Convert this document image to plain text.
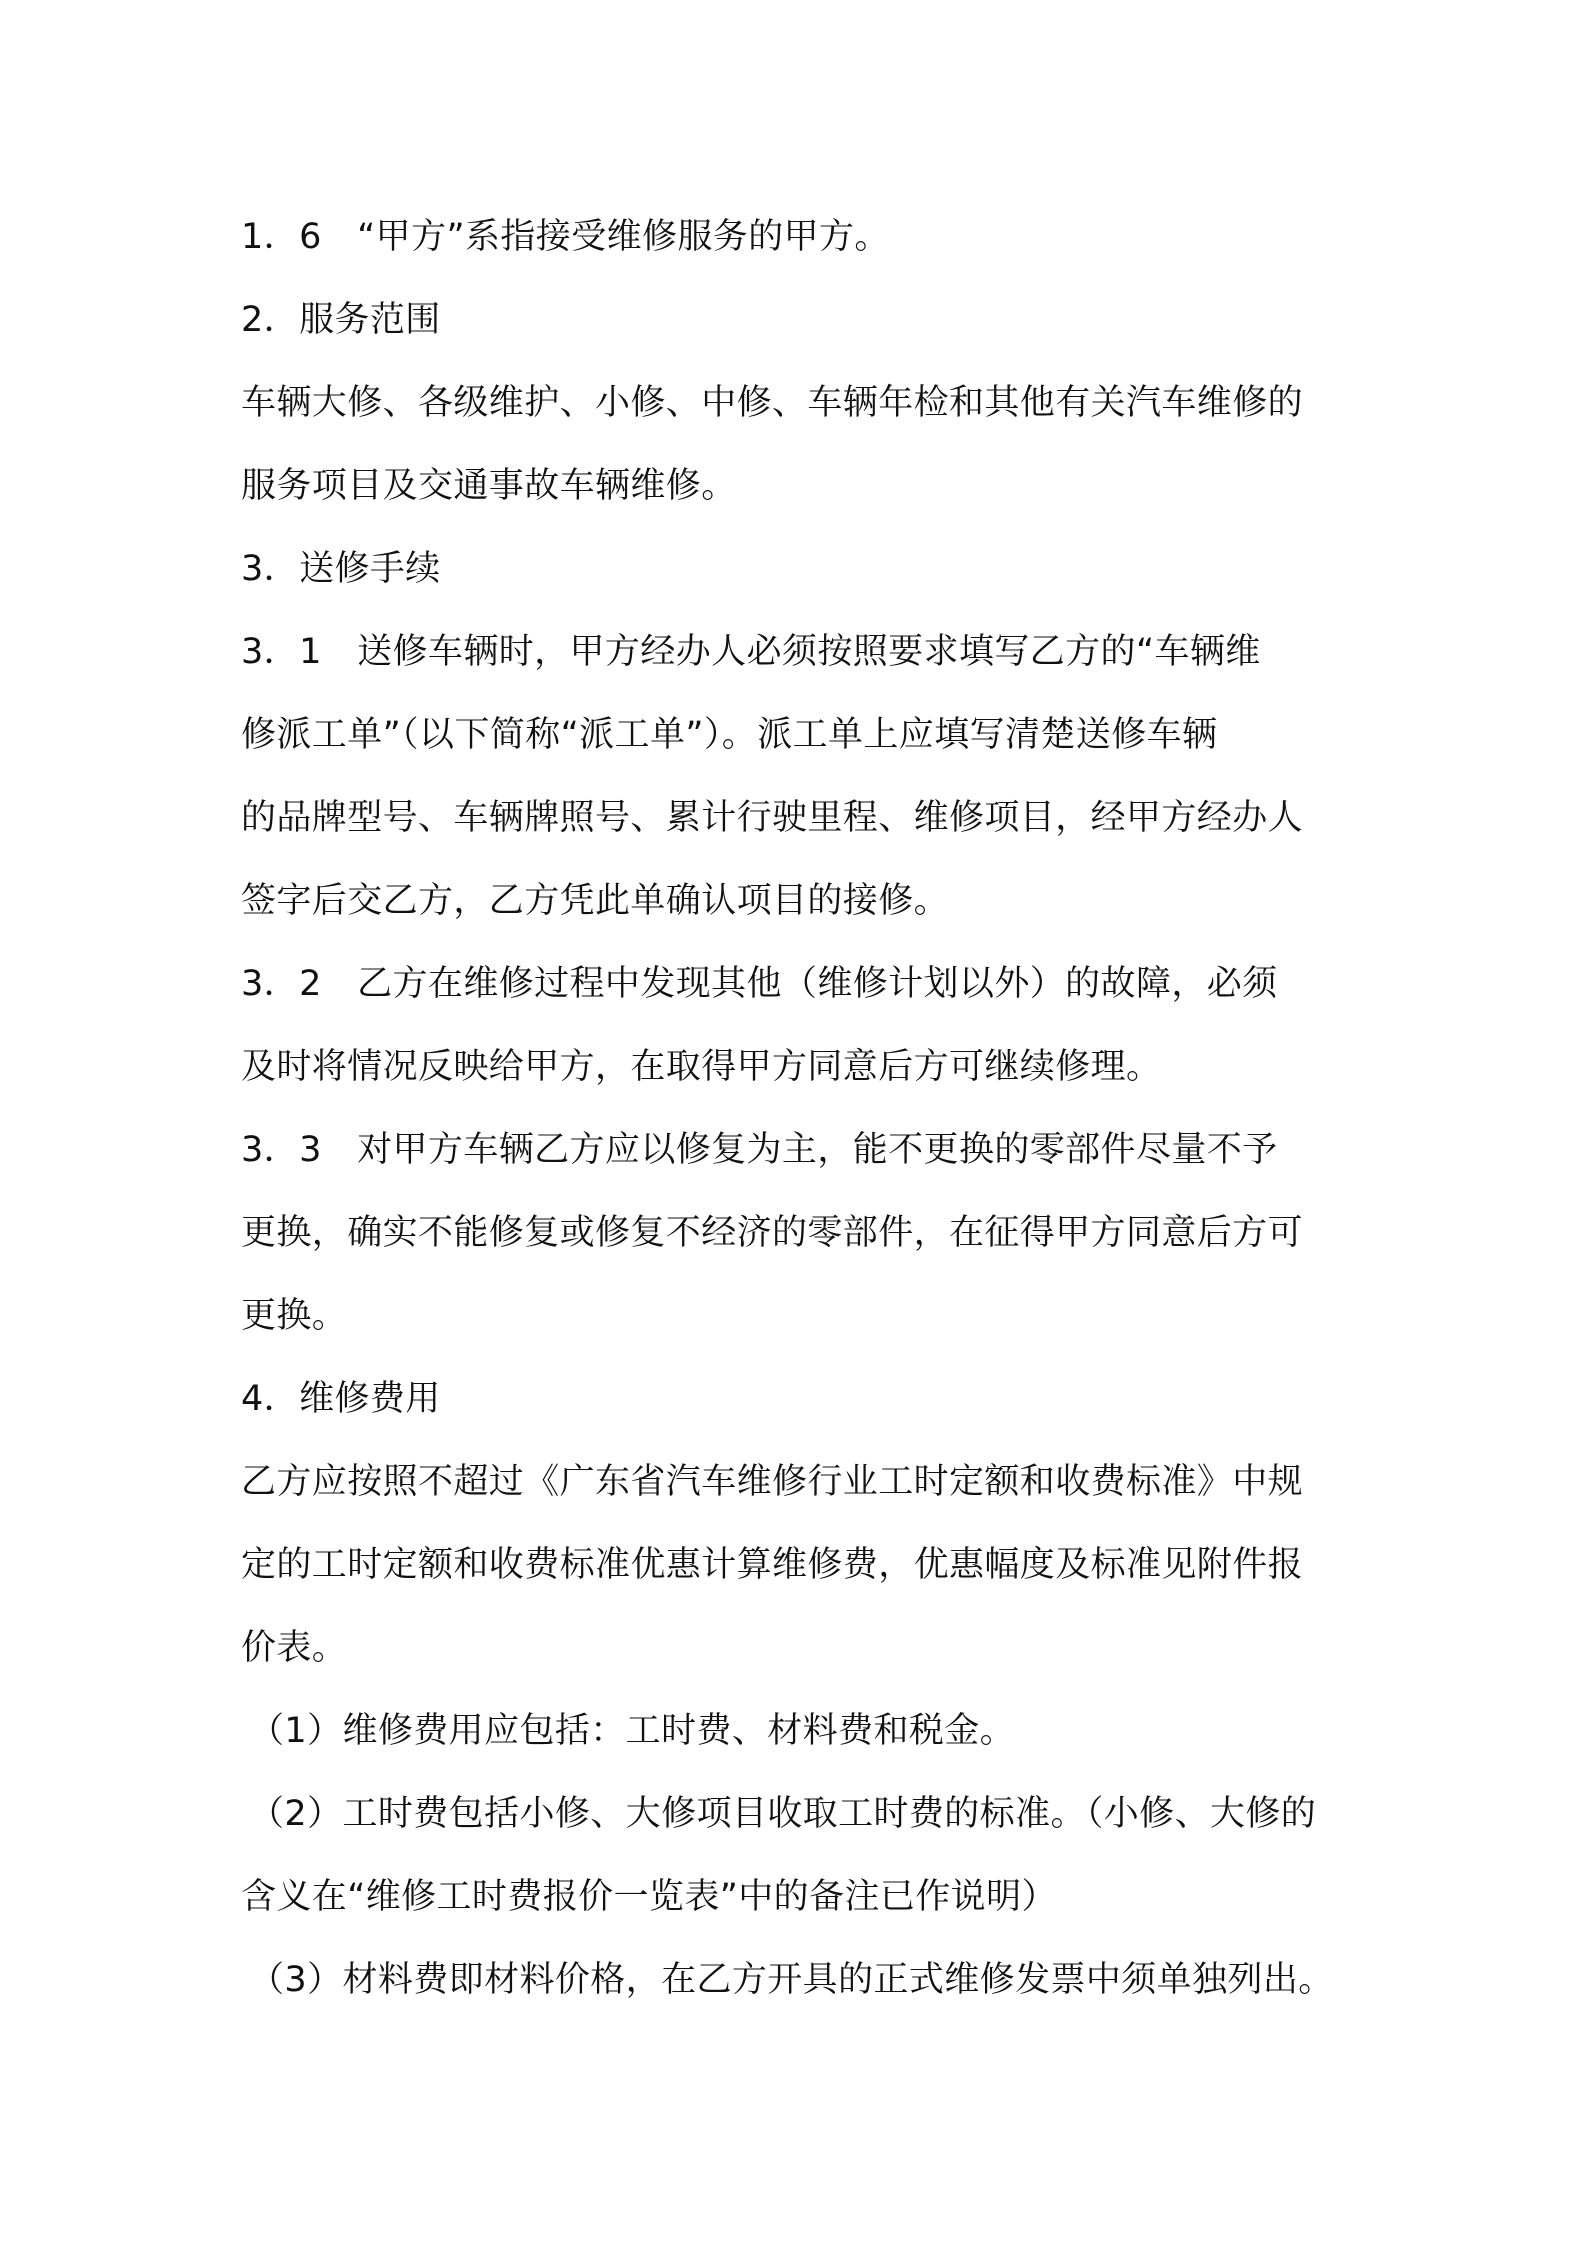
1．6　“甲方”系指接受维修服务的甲方。
2．服务范围
车辆大修、各级维护、小修、中修、车辆年检和其他有关汽车维修的
服务项目及交通事故车辆维修。
3．送修手续
3．1　送修车辆时，甲方经办人必须按照要求填写乙方的“车辆维
修派工单”（以下简称“派工单”）。派工单上应填写清楚送修车辆
的品牌型号、车辆牌照号、累计行驶里程、维修项目，经甲方经办人
签字后交乙方，乙方凭此单确认项目的接修。
3．2　乙方在维修过程中发现其他（维修计划以外）的故障，必须
及时将情况反映给甲方，在取得甲方同意后方可继续修理。
3．3　对甲方车辆乙方应以修复为主，能不更换的零部件尽量不予
更换，确实不能修复或修复不经济的零部件，在征得甲方同意后方可
更换。
4．维修费用
乙方应按照不超过《广东省汽车维修行业工时定额和收费标准》中规
定的工时定额和收费标准优惠计算维修费，优惠幅度及标准见附件报
价表。
（1）维修费用应包括：工时费、材料费和税金。
（2）工时费包括小修、大修项目收取工时费的标准。（小修、大修的
含义在“维修工时费报价一览表”中的备注已作说明）
（3）材料费即材料价格，在乙方开具的正式维修发票中须单独列出。
